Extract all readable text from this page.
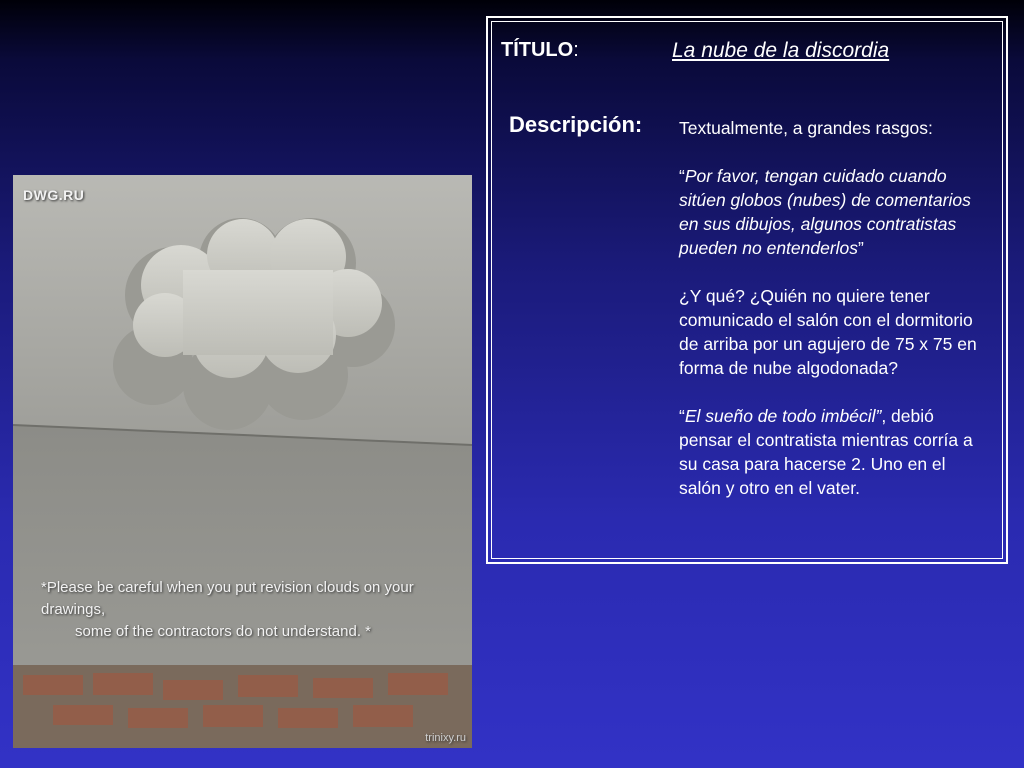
DWG.RU
*Please be careful when you put revision clouds on your drawings,
some of the contractors do not understand. *
trinixy.ru
TÍTULO:	La nube de la discordia
Descripción: Textualmente, a grandes rasgos:

“Por favor, tengan cuidado cuando sitúen globos (nubes) de comentarios en sus dibujos, algunos contratistas pueden no entenderlos”

¿Y qué? ¿Quién no quiere tener comunicado el salón con el dormitorio de arriba por un agujero de 75 x 75 en forma de nube algodonada?

“El sueño de todo imbécil”, debió pensar el contratista mientras corría a su casa para hacerse 2. Uno en el salón y otro en el vater.
